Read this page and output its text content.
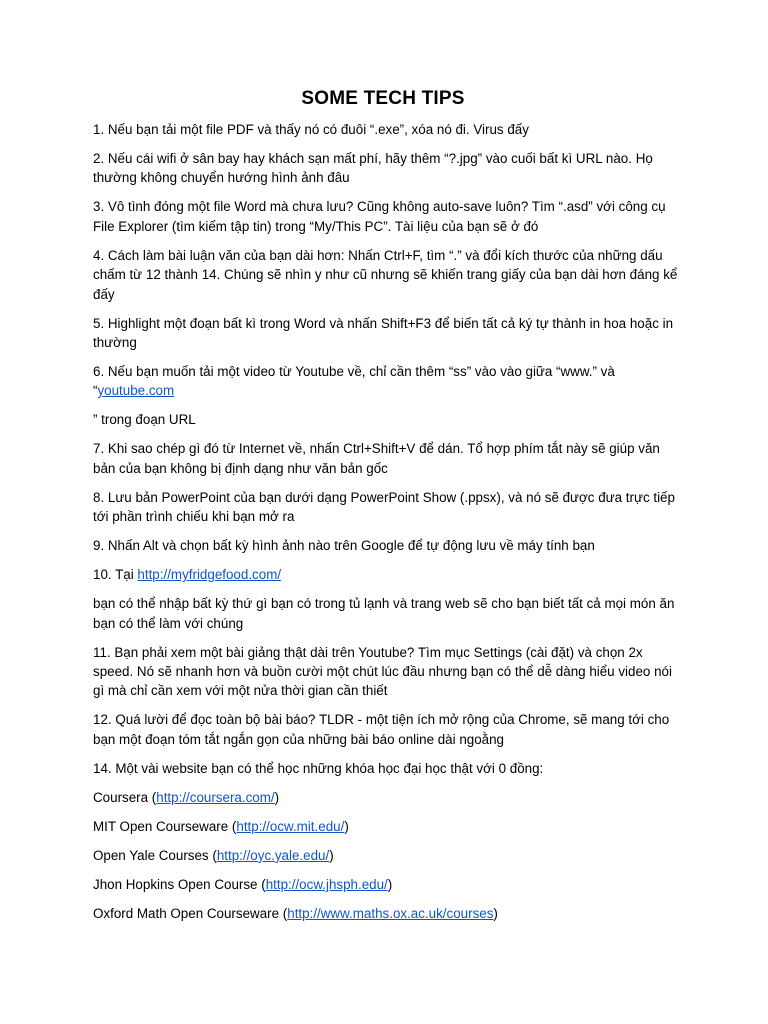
SOME TECH TIPS

1. Nếu bạn tải một file PDF và thấy nó có đuôi “.exe”, xóa nó đi. Virus đấy

2. Nếu cái wifi ở sân bay hay khách sạn mất phí, hãy thêm “?.jpg” vào cuối bất kì URL nào. Họ thường không chuyển hướng hình ảnh đâu

3. Vô tình đóng một file Word mà chưa lưu? Cũng không auto-save luôn? Tìm “.asd” với công cụ File Explorer (tìm kiếm tập tin) trong “My/This PC”. Tài liệu của bạn sẽ ở đó

4. Cách làm bài luận văn của bạn dài hơn: Nhấn Ctrl+F, tìm “.” và đổi kích thước của những dấu chấm từ 12 thành 14. Chúng sẽ nhìn y như cũ nhưng sẽ khiến trang giấy của bạn dài hơn đáng kể đấy

5. Highlight một đoạn bất kì trong Word và nhấn Shift+F3 để biến tất cả ký tự thành in hoa hoặc in thường

6. Nếu bạn muốn tải một video từ Youtube về, chỉ cần thêm “ss” vào vào giữa “www.” và “youtube.com

” trong đoạn URL

7. Khi sao chép gì đó từ Internet về, nhấn Ctrl+Shift+V để dán. Tổ hợp phím tắt này sẽ giúp văn bản của bạn không bị định dạng như văn bản gốc

8. Lưu bản PowerPoint của bạn dưới dạng PowerPoint Show (.ppsx), và nó sẽ được đưa trực tiếp tới phần trình chiếu khi bạn mở ra

9. Nhấn Alt và chọn bất kỳ hình ảnh nào trên Google để tự động lưu về máy tính bạn

10. Tại http://myfridgefood.com/

bạn có thể nhập bất kỳ thứ gì bạn có trong tủ lạnh và trang web sẽ cho bạn biết tất cả mọi món ăn bạn có thể làm với chúng

11. Bạn phải xem một bài giảng thật dài trên Youtube? Tìm mục Settings (cài đặt) và chọn 2x speed. Nó sẽ nhanh hơn và buồn cười một chút lúc đầu nhưng bạn có thể dễ dàng hiểu video nói gì mà chỉ cần xem với một nửa thời gian cần thiết

12. Quá lười để đọc toàn bộ bài báo? TLDR - một tiện ích mở rộng của Chrome, sẽ mang tới cho bạn một đoạn tóm tắt ngắn gọn của những bài báo online dài ngoằng

14. Một vài website bạn có thể học những khóa học đại học thật với 0 đồng:

Coursera (http://coursera.com/)

MIT Open Courseware (http://ocw.mit.edu/)

Open Yale Courses (http://oyc.yale.edu/)

Jhon Hopkins Open Course (http://ocw.jhsph.edu/)

Oxford Math Open Courseware (http://www.maths.ox.ac.uk/courses)
